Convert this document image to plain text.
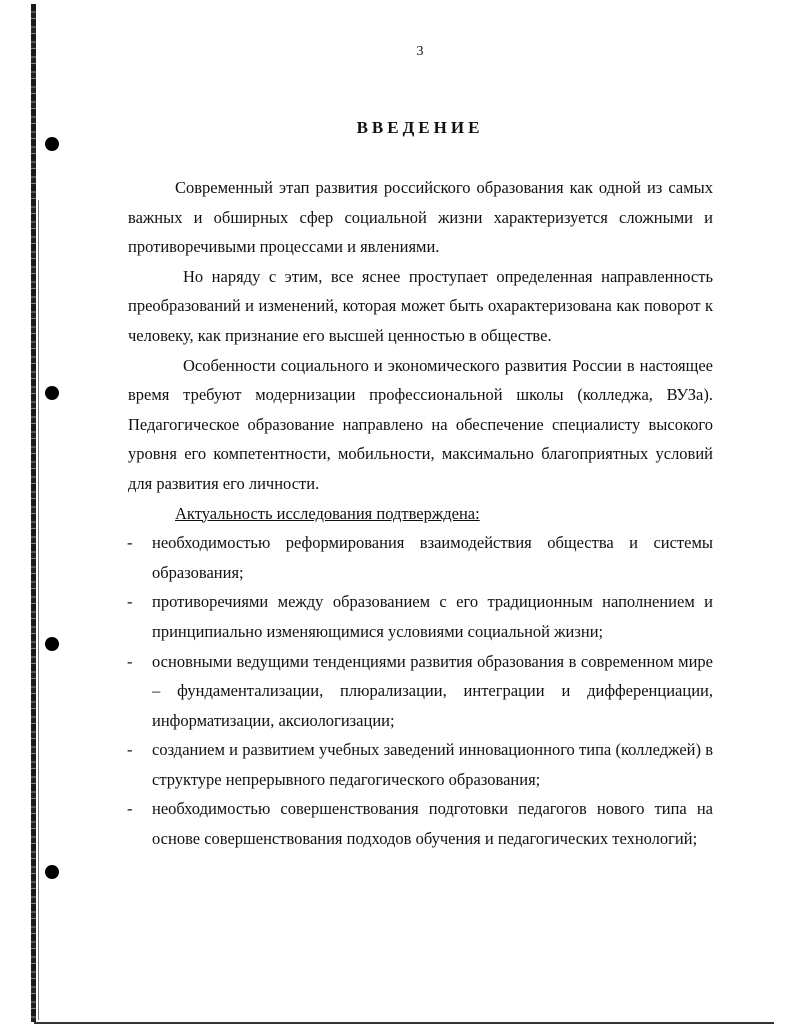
3
ВВЕДЕНИЕ

Современный этап развития российского образования как одной из самых важных и обширных сфер социальной жизни характеризуется сложными и противоречивыми процессами и явлениями.

Но наряду с этим, все яснее проступает определенная направленность преобразований и изменений, которая может быть охарактеризована как поворот к человеку, как признание его высшей ценностью в обществе.

Особенности социального и экономического развития России в настоящее время требуют модернизации профессиональной школы (колледжа, ВУЗа). Педагогическое образование направлено на обеспечение специалисту высокого уровня его компетентности, мобильности, максимально благоприятных условий для развития его личности.

Актуальность исследования подтверждена:

- необходимостью реформирования взаимодействия общества и системы образования;
- противоречиями между образованием с его традиционным наполнением и принципиально изменяющимися условиями социальной жизни;
- основными ведущими тенденциями развития образования в современном мире – фундаментализации, плюрализации, интеграции и дифференциации, информатизации, аксиологизации;
- созданием и развитием учебных заведений инновационного типа (колледжей) в структуре непрерывного педагогического образования;
- необходимостью совершенствования подготовки педагогов нового типа на основе совершенствования подходов обучения и педагогических технологий;
